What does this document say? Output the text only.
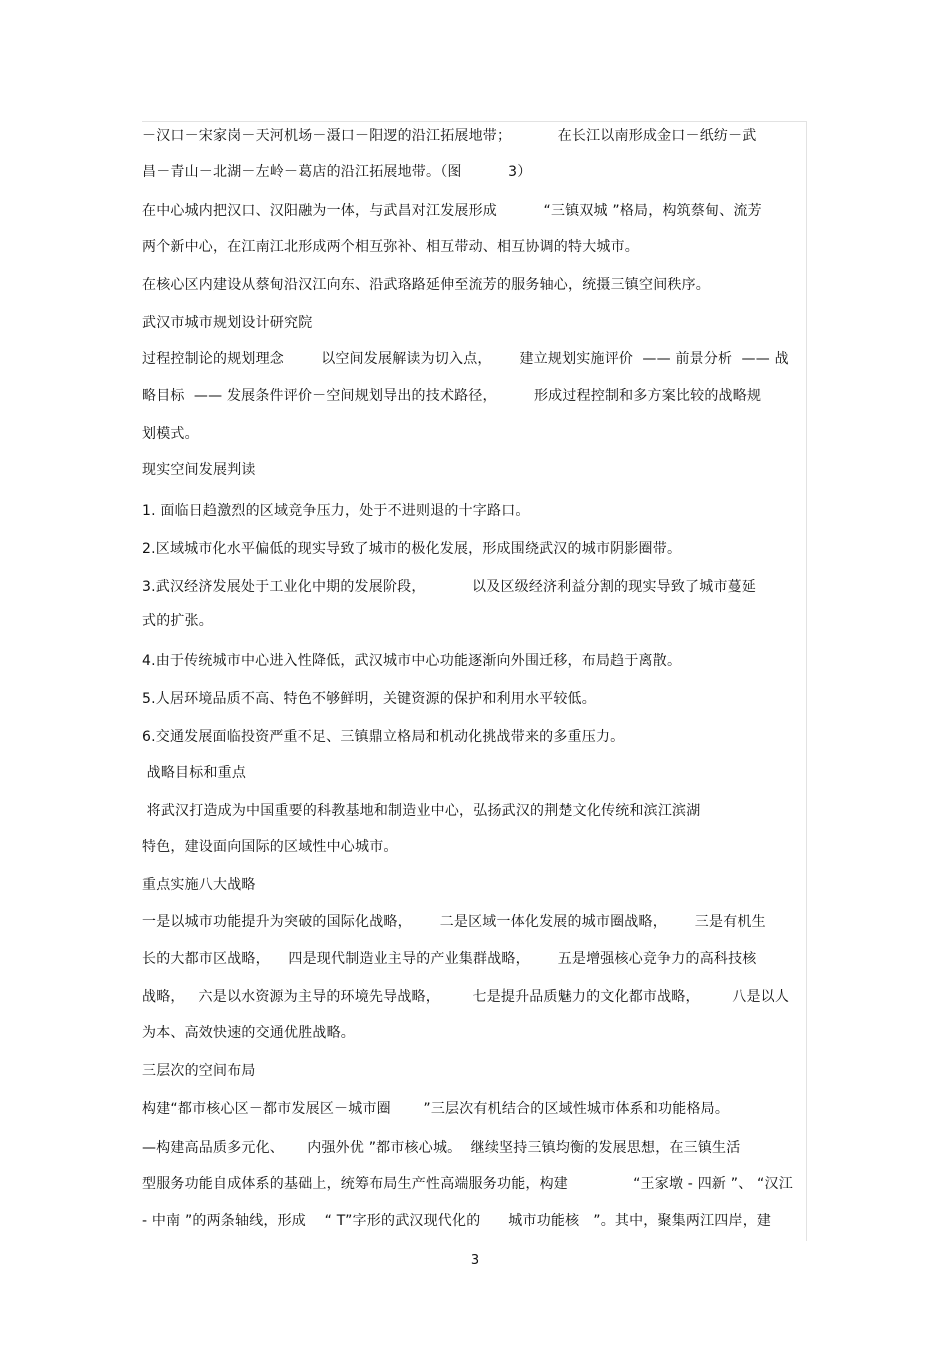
－汉口－宋家岗－天河机场－滠口－阳逻的沿江拓展地带；          在长江以南形成金口－纸纺－武
昌－青山－北湖－左岭－葛店的沿江拓展地带。（图          3）
在中心城内把汉口、汉阳融为一体，与武昌对江发展形成          “三镇双城 ”格局，构筑蔡甸、流芳
两个新中心，在江南江北形成两个相互弥补、相互带动、相互协调的特大城市。
在核心区内建设从蔡甸沿汉江向东、沿武珞路延伸至流芳的服务轴心，统摄三镇空间秩序。
武汉市城市规划设计研究院
过程控制论的规划理念        以空间发展解读为切入点，      建立规划实施评价  —— 前景分析  —— 战
略目标  —— 发展条件评价－空间规划导出的技术路径，        形成过程控制和多方案比较的战略规
划模式。
现实空间发展判读
1. 面临日趋激烈的区域竞争压力，处于不进则退的十字路口。
2.区域城市化水平偏低的现实导致了城市的极化发展，形成围绕武汉的城市阴影圈带。
3.武汉经济发展处于工业化中期的发展阶段，          以及区级经济利益分割的现实导致了城市蔓延
式的扩张。
4.由于传统城市中心进入性降低，武汉城市中心功能逐渐向外围迁移，布局趋于离散。
5.人居环境品质不高、特色不够鲜明，关键资源的保护和利用水平较低。
6.交通发展面临投资严重不足、三镇鼎立格局和机动化挑战带来的多重压力。
战略目标和重点
将武汉打造成为中国重要的科教基地和制造业中心，弘扬武汉的荆楚文化传统和滨江滨湖
特色，建设面向国际的区域性中心城市。
重点实施八大战略
一是以城市功能提升为突破的国际化战略，      二是区域一体化发展的城市圈战略，      三是有机生
长的大都市区战略，    四是现代制造业主导的产业集群战略，      五是增强核心竞争力的高科技核
战略，   六是以水资源为主导的环境先导战略，       七是提升品质魅力的文化都市战略，       八是以人
为本、高效快速的交通优胜战略。
三层次的空间布局
构建“都市核心区－都市发展区－城市圈       ”三层次有机结合的区域性城市体系和功能格局。
—构建高品质多元化、     内强外优 ”都市核心城。  继续坚持三镇均衡的发展思想，在三镇生活
型服务功能自成体系的基础上，统筹布局生产性高端服务功能，构建              “王家墩 - 四新 ”、 “汉江
- 中南 ”的两条轴线，形成    “ T”字形的武汉现代化的      城市功能核   ”。其中，聚集两江四岸，建
3
